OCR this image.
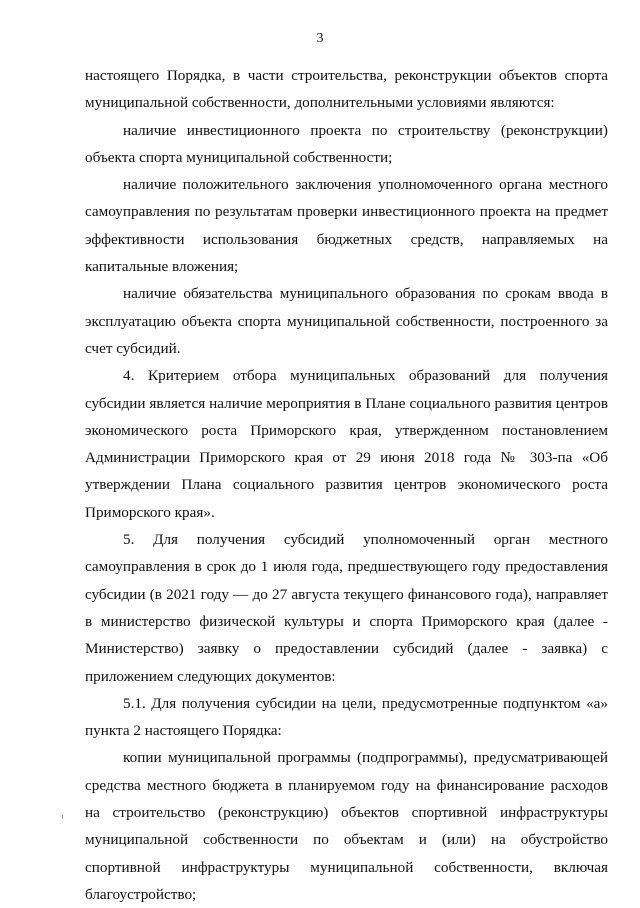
3

настоящего Порядка, в части строительства, реконструкции объектов спорта муниципальной собственности, дополнительными условиями являются:

наличие инвестиционного проекта по строительству (реконструкции) объекта спорта муниципальной собственности;

наличие положительного заключения уполномоченного органа местного самоуправления по результатам проверки инвестиционного проекта на предмет эффективности использования бюджетных средств, направляемых на капитальные вложения;

наличие обязательства муниципального образования по срокам ввода в эксплуатацию объекта спорта муниципальной собственности, построенного за счет субсидий.

4. Критерием отбора муниципальных образований для получения субсидии является наличие мероприятия в Плане социального развития центров экономического роста Приморского края, утвержденном постановлением Администрации Приморского края от 29 июня 2018 года № 303-па «Об утверждении Плана социального развития центров экономического роста Приморского края».

5. Для получения субсидий уполномоченный орган местного самоуправления в срок до 1 июля года, предшествующего году предоставления субсидии (в 2021 году — до 27 августа текущего финансового года), направляет в министерство физической культуры и спорта Приморского края (далее - Министерство) заявку о предоставлении субсидий (далее - заявка) с приложением следующих документов:

5.1. Для получения субсидии на цели, предусмотренные подпунктом «а» пункта 2 настоящего Порядка:

копии муниципальной программы (подпрограммы), предусматривающей средства местного бюджета в планируемом году на финансирование расходов на строительство (реконструкцию) объектов спортивной инфраструктуры муниципальной собственности по объектам и (или) на обустройство спортивной инфраструктуры муниципальной собственности, включая благоустройство;
